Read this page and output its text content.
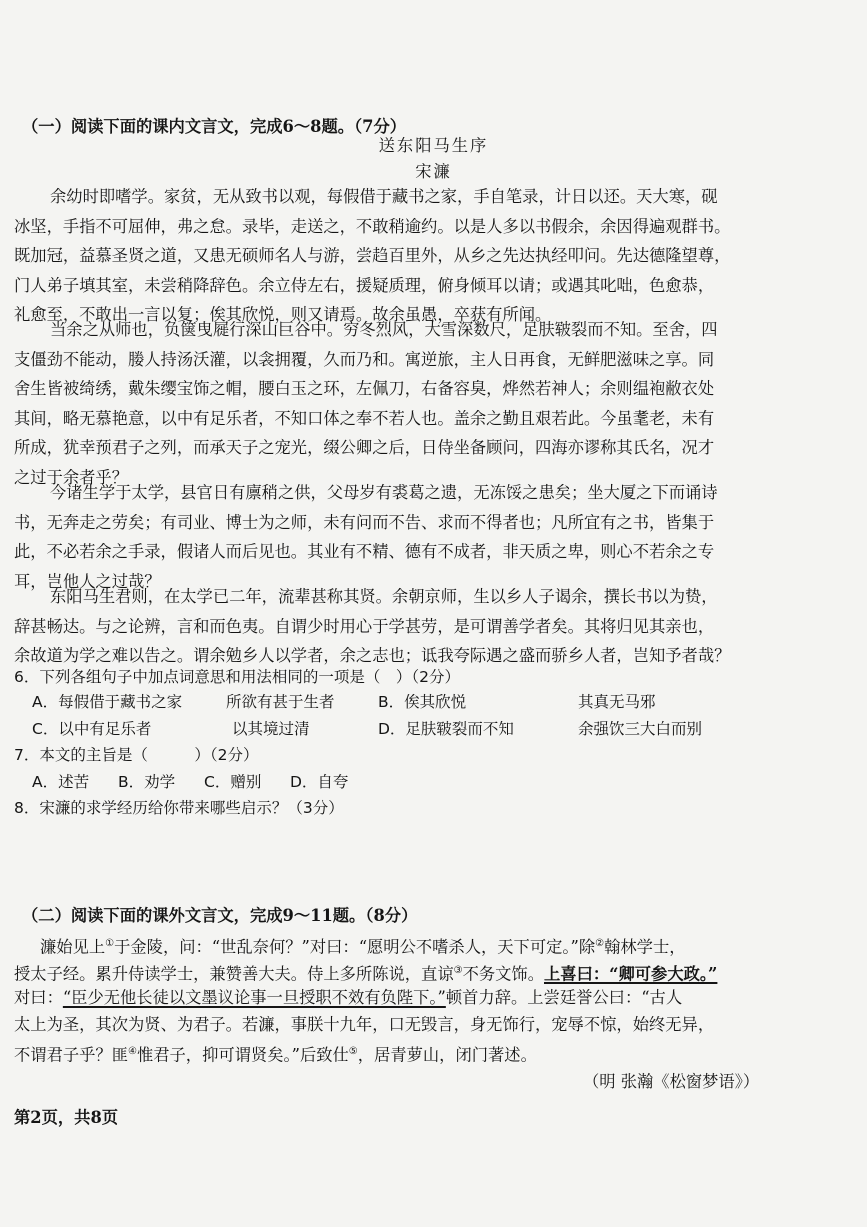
（一）阅读下面的课内文言文，完成6～8题。（7分）
送东阳马生序
宋濂
余幼时即嗜学。家贫，无从致书以观，每假借于藏书之家，手自笔录，计日以还。天大寒，砚
冰坚，手指不可屈伸，弗之怠。录毕，走送之，不敢稍逾约。以是人多以书假余，余因得遍观群书。
既加冠，益慕圣贤之道，又患无硕师名人与游，尝趋百里外，从乡之先达执经叩问。先达德隆望尊，
门人弟子填其室，未尝稍降辞色。余立侍左右，援疑质理，俯身倾耳以请；或遇其叱咄，色愈恭，
礼愈至，不敢出一言以复；俟其欣悦，则又请焉。故余虽愚，卒获有所闻。
当余之从师也，负箧曳屣行深山巨谷中。穷冬烈风，大雪深数尺，足肤皲裂而不知。至舍，四
支僵劲不能动，媵人持汤沃灌，以衾拥覆，久而乃和。寓逆旅，主人日再食，无鲜肥滋味之享。同
舍生皆被绮绣，戴朱缨宝饰之帽，腰白玉之环，左佩刀，右备容臭，烨然若神人；余则缊袍敝衣处
其间，略无慕艳意，以中有足乐者，不知口体之奉不若人也。盖余之勤且艰若此。今虽耄老，未有
所成，犹幸预君子之列，而承天子之宠光，缀公卿之后，日侍坐备顾问，四海亦谬称其氏名，况才
之过于余者乎？
今诸生学于太学，县官日有廪稍之供，父母岁有裘葛之遗，无冻馁之患矣；坐大厦之下而诵诗
书，无奔走之劳矣；有司业、博士为之师，未有问而不告、求而不得者也；凡所宜有之书，皆集于
此，不必若余之手录，假诸人而后见也。其业有不精、德有不成者，非天质之卑，则心不若余之专
耳，岂他人之过哉？
东阳马生君则，在太学已二年，流辈甚称其贤。余朝京师，生以乡人子谒余，撰长书以为贽，
辞甚畅达。与之论辨，言和而色夷。自谓少时用心于学甚劳，是可谓善学者矣。其将归见其亲也，
余故道为学之难以告之。谓余勉乡人以学者，余之志也；诋我夸际遇之盛而骄乡人者，岂知予者哉？
6．下列各组句子中加点词意思和用法相同的一项是（　）（2分）
A．每假借于藏书之家	所欲有甚于生者	B．俟其欣悦	其真无马邪
C．以中有足乐者	以其境过清	D．足肤皲裂而不知	余强饮三大白而别
7．本文的主旨是（　　　）（2分）
A．述苦 B．劝学 C．赠别 D．自夸
8．宋濂的求学经历给你带来哪些启示？（3分）
（二）阅读下面的课外文言文，完成9～11题。（8分）
濂始见上①于金陵，问：“世乱奈何？”对曰：“愿明公不嗜杀人，天下可定。”除②翰林学士，
授太子经。累升侍读学士，兼赞善大夫。侍上多所陈说，直谅③不务文饰。上喜曰：“卿可参大政。”
对曰：“臣少无他长徒以文墨议论事一旦授职不效有负陛下。”顿首力辞。上尝廷誉公曰：“古人
太上为圣，其次为贤、为君子。若濂，事朕十九年，口无毁言，身无饰行，宠辱不惊，始终无异，
不谓君子乎？匪④惟君子，抑可谓贤矣。”后致仕⑤，居青萝山，闭门著述。
（明 张瀚《松窗梦语》）
第2页，共8页
